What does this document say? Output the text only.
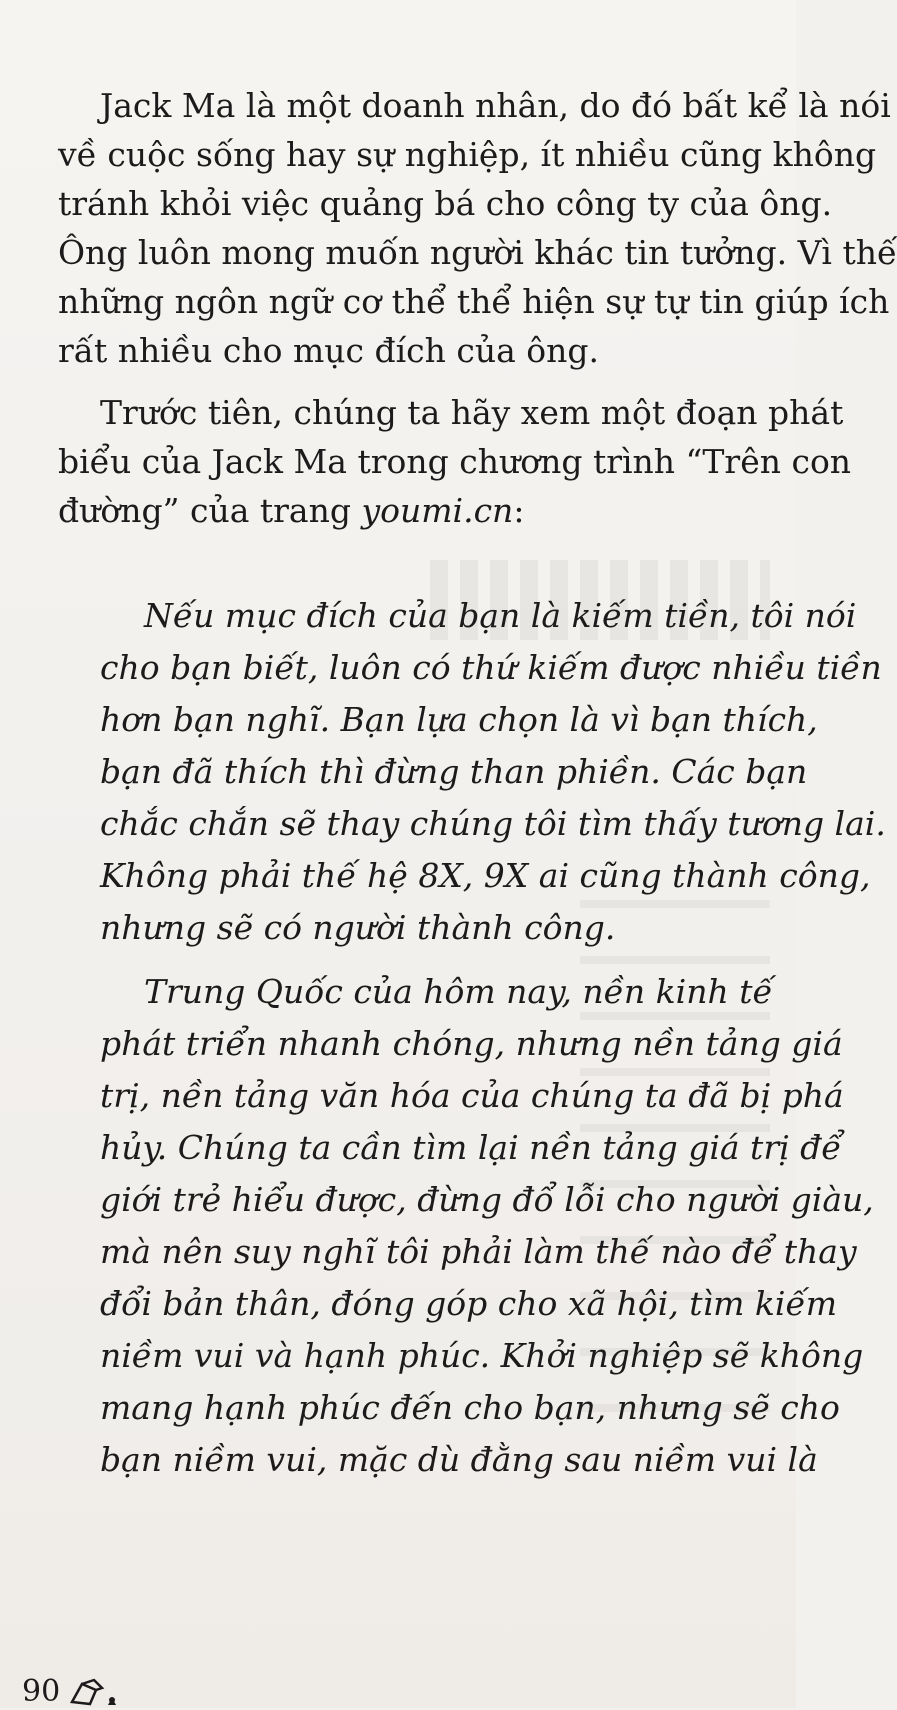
Jack Ma là một doanh nhân, do đó bất kể là nói
về cuộc sống hay sự nghiệp, ít nhiều cũng không
tránh khỏi việc quảng bá cho công ty của ông.
Ông luôn mong muốn người khác tin tưởng. Vì thế
những ngôn ngữ cơ thể thể hiện sự tự tin giúp ích
rất nhiều cho mục đích của ông.
Trước tiên, chúng ta hãy xem một đoạn phát
biểu của Jack Ma trong chương trình “Trên con
đường” của trang youmi.cn:
Nếu mục đích của bạn là kiếm tiền, tôi nói
cho bạn biết, luôn có thứ kiếm được nhiều tiền
hơn bạn nghĩ. Bạn lựa chọn là vì bạn thích,
bạn đã thích thì đừng than phiền. Các bạn
chắc chắn sẽ thay chúng tôi tìm thấy tương lai.
Không phải thế hệ 8X, 9X ai cũng thành công,
nhưng sẽ có người thành công.
Trung Quốc của hôm nay, nền kinh tế
phát triển nhanh chóng, nhưng nền tảng giá
trị, nền tảng văn hóa của chúng ta đã bị phá
hủy. Chúng ta cần tìm lại nền tảng giá trị để
giới trẻ hiểu được, đừng đổ lỗi cho người giàu,
mà nên suy nghĩ tôi phải làm thế nào để thay
đổi bản thân, đóng góp cho xã hội, tìm kiếm
niềm vui và hạnh phúc. Khởi nghiệp sẽ không
mang hạnh phúc đến cho bạn, nhưng sẽ cho
bạn niềm vui, mặc dù đằng sau niềm vui là
90
